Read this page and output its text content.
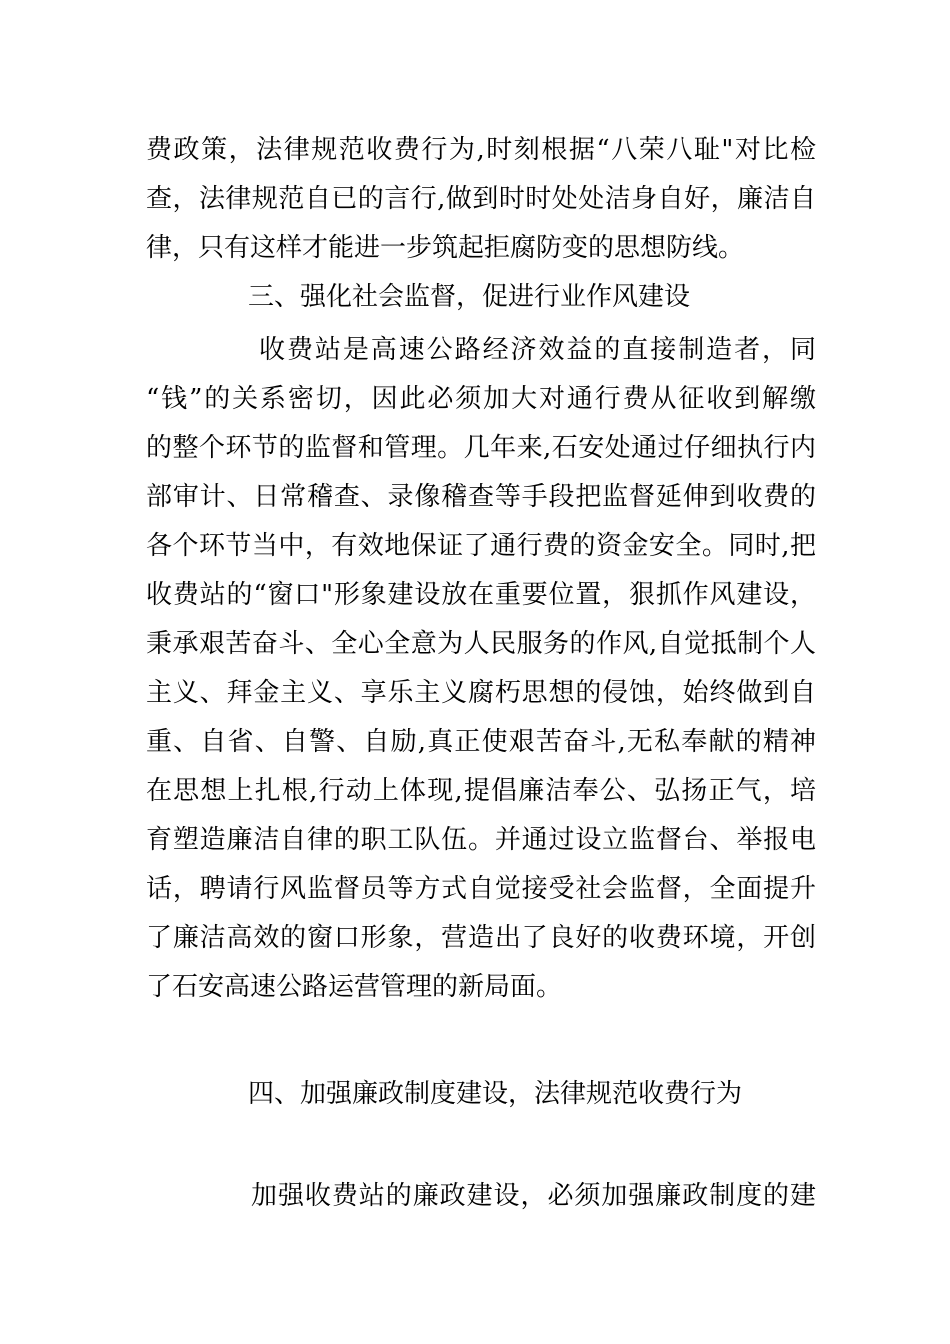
费政策，法律规范收费行为,时刻根据“八荣八耻"对比检
查，法律规范自已的言行,做到时时处处洁身自好，廉洁自
律，只有这样才能进一步筑起拒腐防变的思想防线。
三、强化社会监督，促进行业作风建设
收费站是高速公路经济效益的直接制造者，同
“钱”的关系密切，因此必须加大对通行费从征收到解缴
的整个环节的监督和管理。几年来,石安处通过仔细执行内
部审计、日常稽查、录像稽查等手段把监督延伸到收费的
各个环节当中，有效地保证了通行费的资金安全。同时,把
收费站的“窗口"形象建设放在重要位置，狠抓作风建设，
秉承艰苦奋斗、全心全意为人民服务的作风,自觉抵制个人
主义、拜金主义、享乐主义腐朽思想的侵蚀，始终做到自
重、自省、自警、自励,真正使艰苦奋斗,无私奉献的精神
在思想上扎根,行动上体现,提倡廉洁奉公、弘扬正气，培
育塑造廉洁自律的职工队伍。并通过设立监督台、举报电
话，聘请行风监督员等方式自觉接受社会监督，全面提升
了廉洁高效的窗口形象，营造出了良好的收费环境，开创
了石安高速公路运营管理的新局面。
四、加强廉政制度建设，法律规范收费行为
加强收费站的廉政建设，必须加强廉政制度的建
